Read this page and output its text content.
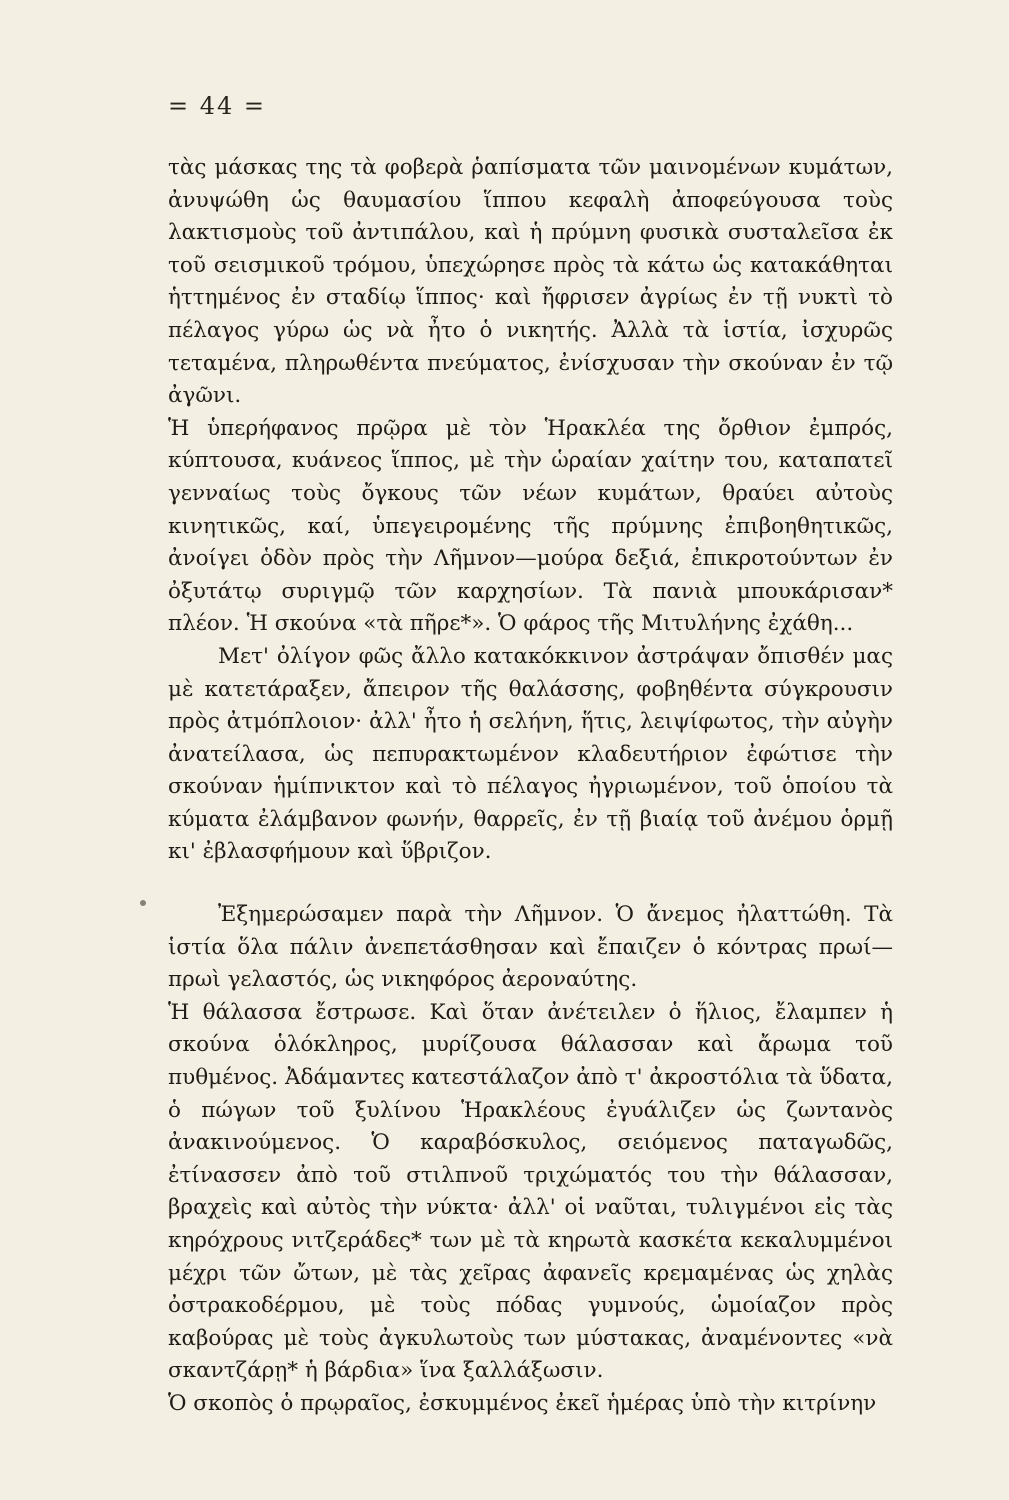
= 44 =

τὰς μάσκας της τὰ φοβερὰ ῥαπίσματα τῶν μαινομένων κυμάτων, ἀνυψώθη ὡς θαυμασίου ἵππου κεφαλὴ ἀποφεύγουσα τοὺς λακτισμοὺς τοῦ ἀντιπάλου, καὶ ἡ πρύμνη φυσικὰ συσταλεῖσα ἐκ τοῦ σεισμικοῦ τρόμου, ὑπεχώρησε πρὸς τὰ κάτω ὡς κατακάθηται ἡττημένος ἐν σταδίῳ ἵππος· καὶ ἤφρισεν ἀγρίως ἐν τῇ νυκτὶ τὸ πέλαγος γύρω ὡς νὰ ἦτο ὁ νικητής. Ἀλλὰ τὰ ἱστία, ἰσχυρῶς τεταμένα, πληρωθέντα πνεύματος, ἐνίσχυσαν τὴν σκούναν ἐν τῷ ἀγῶνι.

Ἡ ὑπερήφανος πρῷρα μὲ τὸν Ἡρακλέα της ὄρθιον ἐμπρός, κύπτουσα, κυάνεος ἵππος, μὲ τὴν ὡραίαν χαίτην του, καταπατεῖ γενναίως τοὺς ὄγκους τῶν νέων κυμάτων, θραύει αὐτοὺς κινητικῶς, καί, ὑπεγειρομένης τῆς πρύμνης ἐπιβοηθητικῶς, ἀνοίγει ὁδὸν πρὸς τὴν Λῆμνον—μούρα δεξιά, ἐπικροτούντων ἐν ὀξυτάτῳ συριγμῷ τῶν καρχησίων. Τὰ πανιὰ μπουκάρισαν* πλέον. Ἡ σκούνα «τὰ πῆρε*». Ὁ φάρος τῆς Μιτυλήνης ἐχάθη...

Μετ' ὀλίγον φῶς ἄλλο κατακόκκινον ἀστράψαν ὄπισθέν μας μὲ κατετάραξεν, ἄπειρον τῆς θαλάσσης, φοβηθέντα σύγκρουσιν πρὸς ἀτμόπλοιον· ἀλλ' ἦτο ἡ σελήνη, ἥτις, λειψίφωτος, τὴν αὐγὴν ἀνατείλασα, ὡς πεπυρακτωμένον κλαδευτήριον ἐφώτισε τὴν σκούναν ἡμίπνικτον καὶ τὸ πέλαγος ἠγριωμένον, τοῦ ὁποίου τὰ κύματα ἐλάμβανον φωνήν, θαρρεῖς, ἐν τῇ βιαίᾳ τοῦ ἀνέμου ὁρμῇ κι' ἐβλασφήμουν καὶ ὕβριζον.

Ἐξημερώσαμεν παρὰ τὴν Λῆμνον. Ὁ ἄνεμος ἠλαττώθη. Τὰ ἱστία ὅλα πάλιν ἀνεπετάσθησαν καὶ ἔπαιζεν ὁ κόντρας πρωί— πρωὶ γελαστός, ὡς νικηφόρος ἀεροναύτης.

Ἡ θάλασσα ἔστρωσε. Καὶ ὅταν ἀνέτειλεν ὁ ἥλιος, ἔλαμπεν ἡ σκούνα ὁλόκληρος, μυρίζουσα θάλασσαν καὶ ἄρωμα τοῦ πυθμένος. Ἀδάμαντες κατεστάλαζον ἀπὸ τ' ἀκροστόλια τὰ ὕδατα, ὁ πώγων τοῦ ξυλίνου Ἡρακλέους ἐγυάλιζεν ὡς ζωντανὸς ἀνακινούμενος. Ὁ καραβόσκυλος, σειόμενος παταγωδῶς, ἐτίνασσεν ἀπὸ τοῦ στιλπνοῦ τριχώματός του τὴν θάλασσαν, βραχεὶς καὶ αὐτὸς τὴν νύκτα· ἀλλ' οἱ ναῦται, τυλιγμένοι εἰς τὰς κηρόχρους νιτζεράδες* των μὲ τὰ κηρωτὰ κασκέτα κεκαλυμμένοι μέχρι τῶν ὤτων, μὲ τὰς χεῖρας ἀφανεῖς κρεμαμένας ὡς χηλὰς ὀστρακοδέρμου, μὲ τοὺς πόδας γυμνούς, ὡμοίαζον πρὸς καβούρας μὲ τοὺς ἀγκυλωτοὺς των μύστακας, ἀναμένοντες «νὰ σκαντζάρῃ* ἡ βάρδια» ἵνα ξαλλάξωσιν.

Ὁ σκοπὸς ὁ πρῳραῖος, ἐσκυμμένος ἐκεῖ ἡμέρας ὑπὸ τὴν κιτρίνην
